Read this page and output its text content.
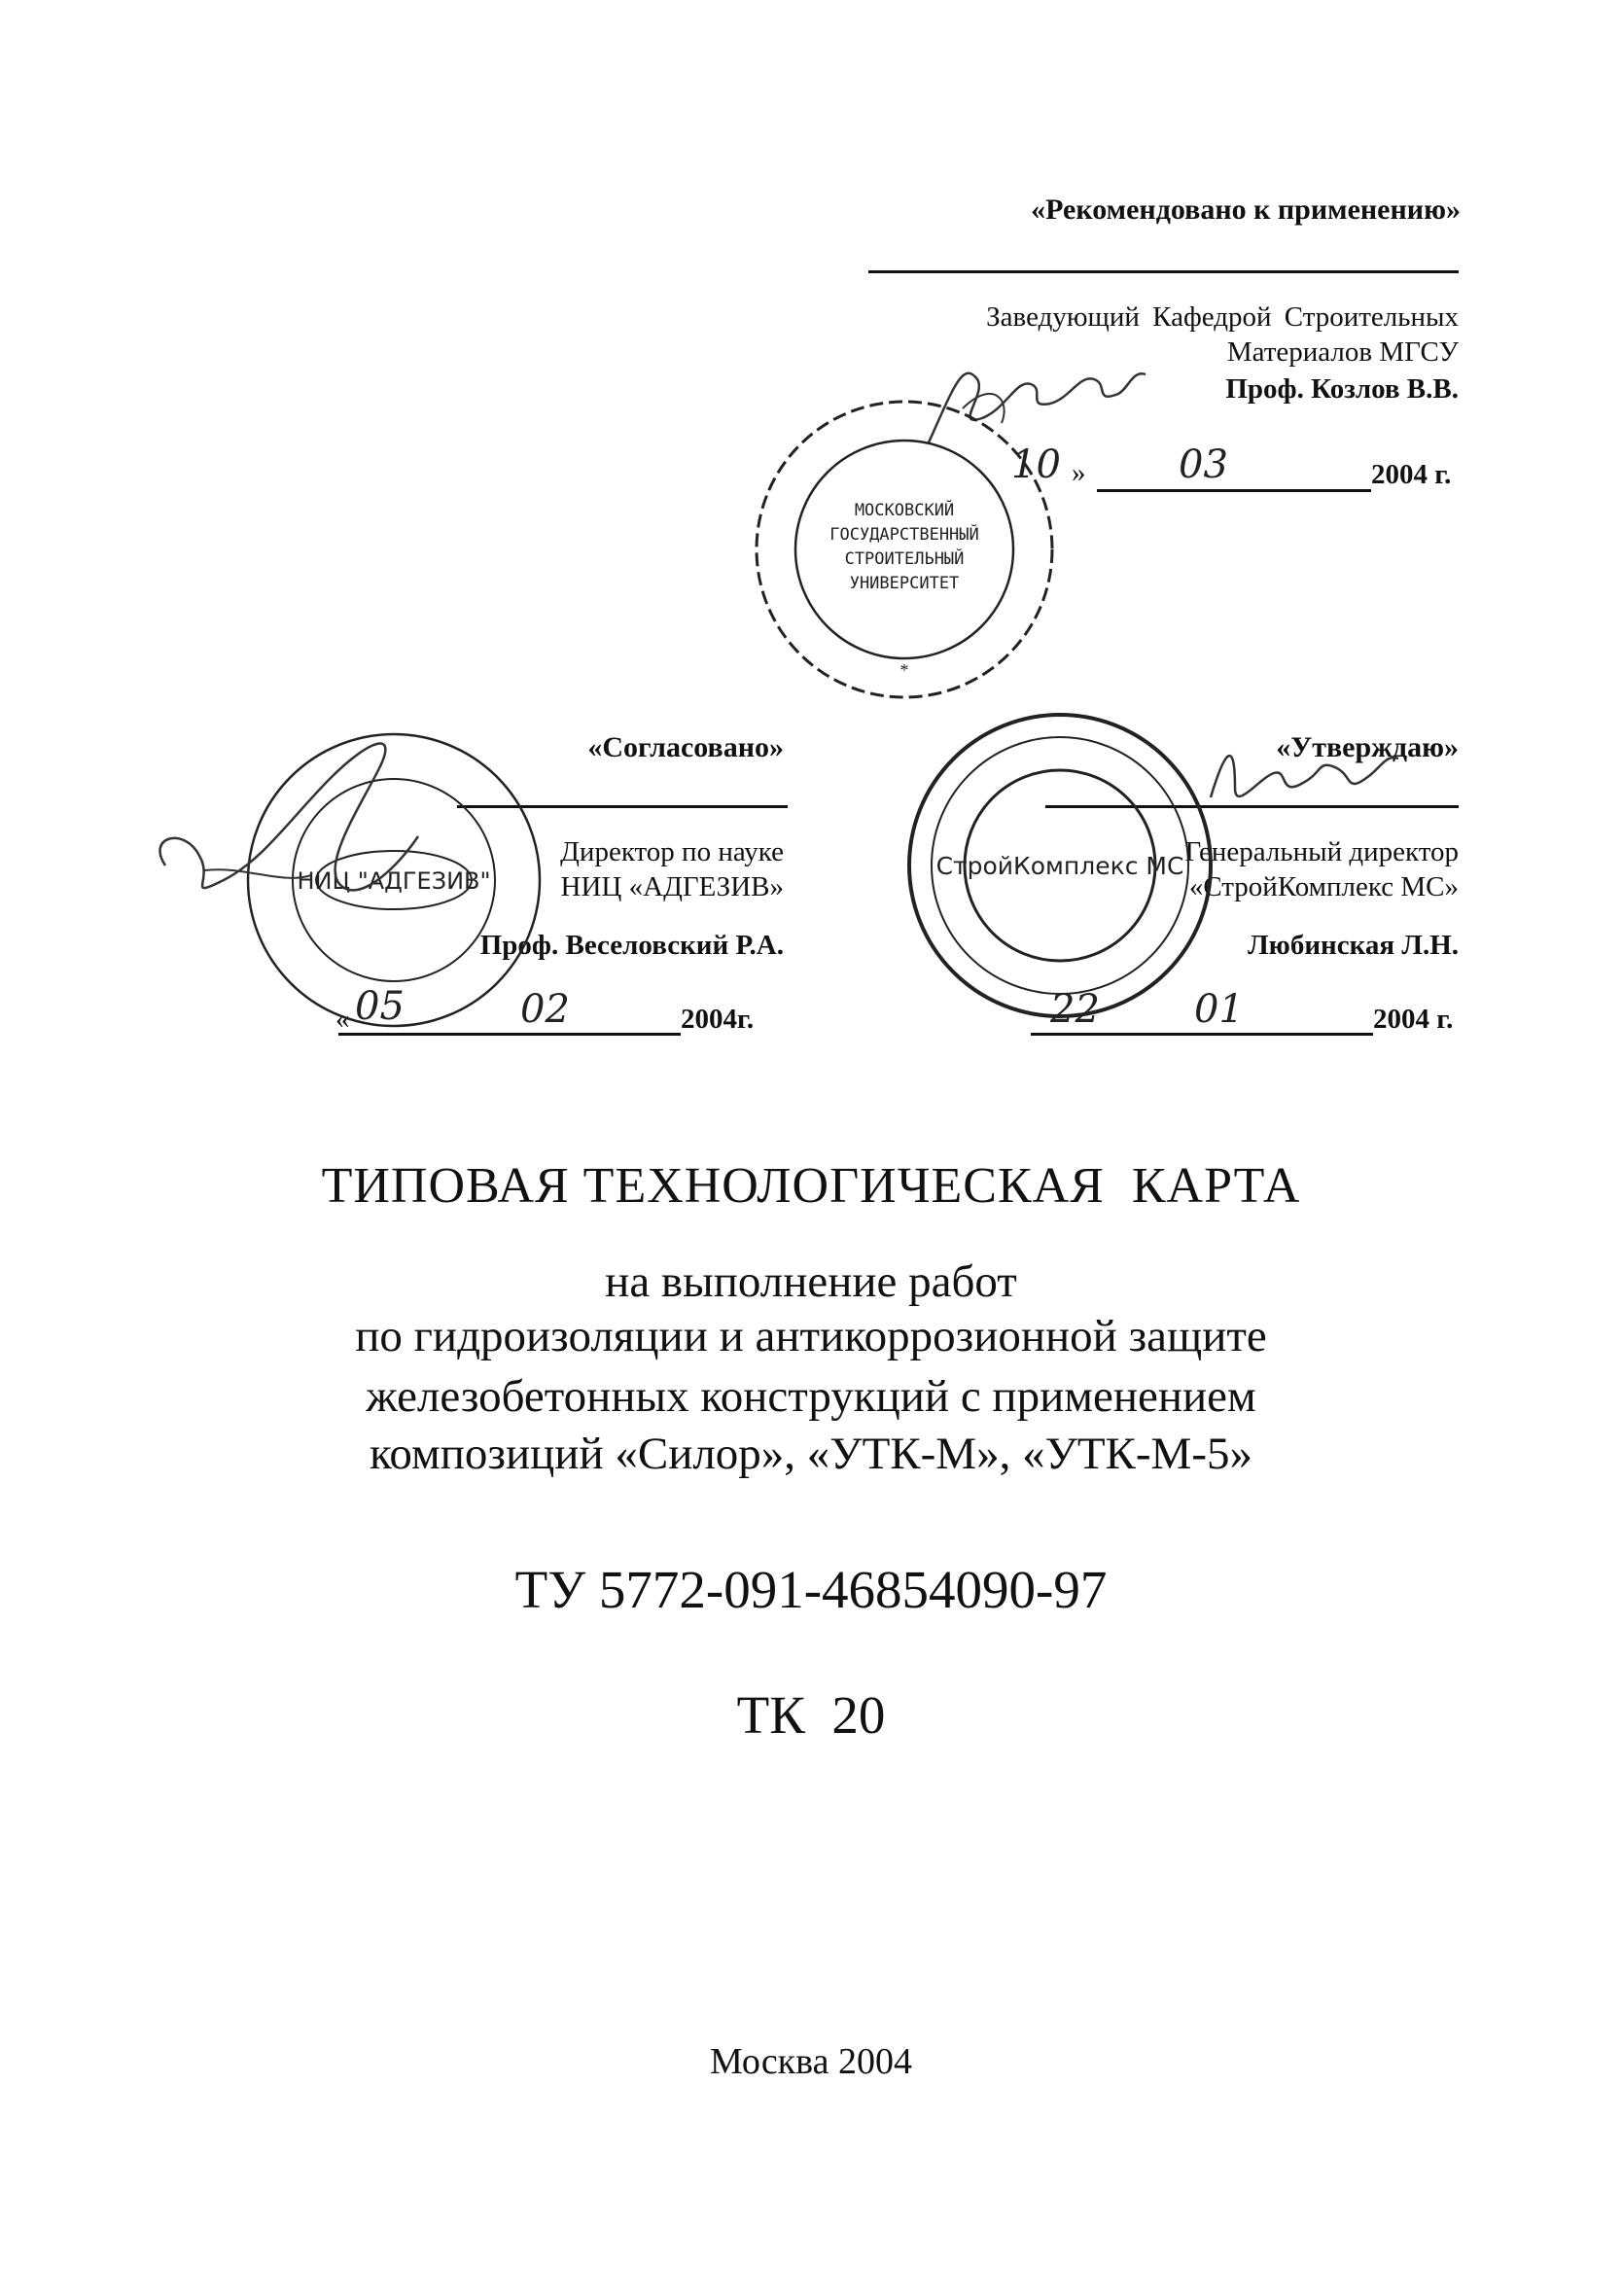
«Рекомендовано к применению»
Заведующий Кафедрой Строительных
Материалов МГСУ
Проф. Козлов В.В.
10 » 03	2004 г.
МОСКОВСКИЙ
ГОСУДАРСТВЕННЫЙ
СТРОИТЕЛЬНЫЙ
УНИВЕРСИТЕТ
*
«Согласовано»
Директор по науке
НИЦ «АДГЕЗИВ»
Проф. Веселовский Р.А.
« 05	02	2004г.
НИЦ "АДГЕЗИВ"
«Утверждаю»
Генеральный директор
«СтройКомплекс МС»
Любинская Л.Н.
22 01	2004 г.
СтройКомплекс МС
ТИПОВАЯ ТЕХНОЛОГИЧЕСКАЯ  КАРТА
на выполнение работ
по гидроизоляции и антикоррозионной защите
железобетонных конструкций с применением
композиций «Силор», «УТК-М», «УТК-М-5»
ТУ 5772-091-46854090-97
ТК  20
Москва 2004
